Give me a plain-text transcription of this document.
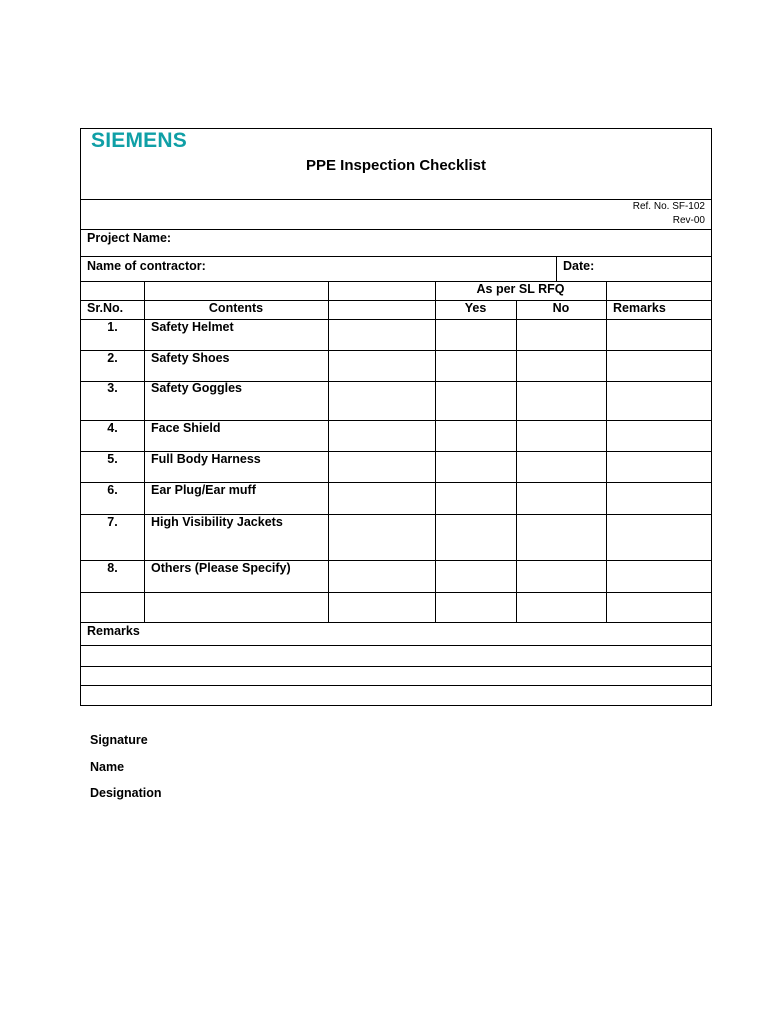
SIEMENS
PPE Inspection Checklist
Ref. No. SF-102
Rev-00
Project Name:
Name of contractor:	Date:
As per SL RFQ
Sr.No.	Contents	Yes	No	Remarks
1.	Safety Helmet
2.	Safety Shoes
3.	Safety Goggles
4.	Face Shield
5.	Full Body Harness
6.	Ear Plug/Ear muff
7.	High Visibility Jackets
8.	Others (Please Specify)
Remarks
Signature
Name
Designation
